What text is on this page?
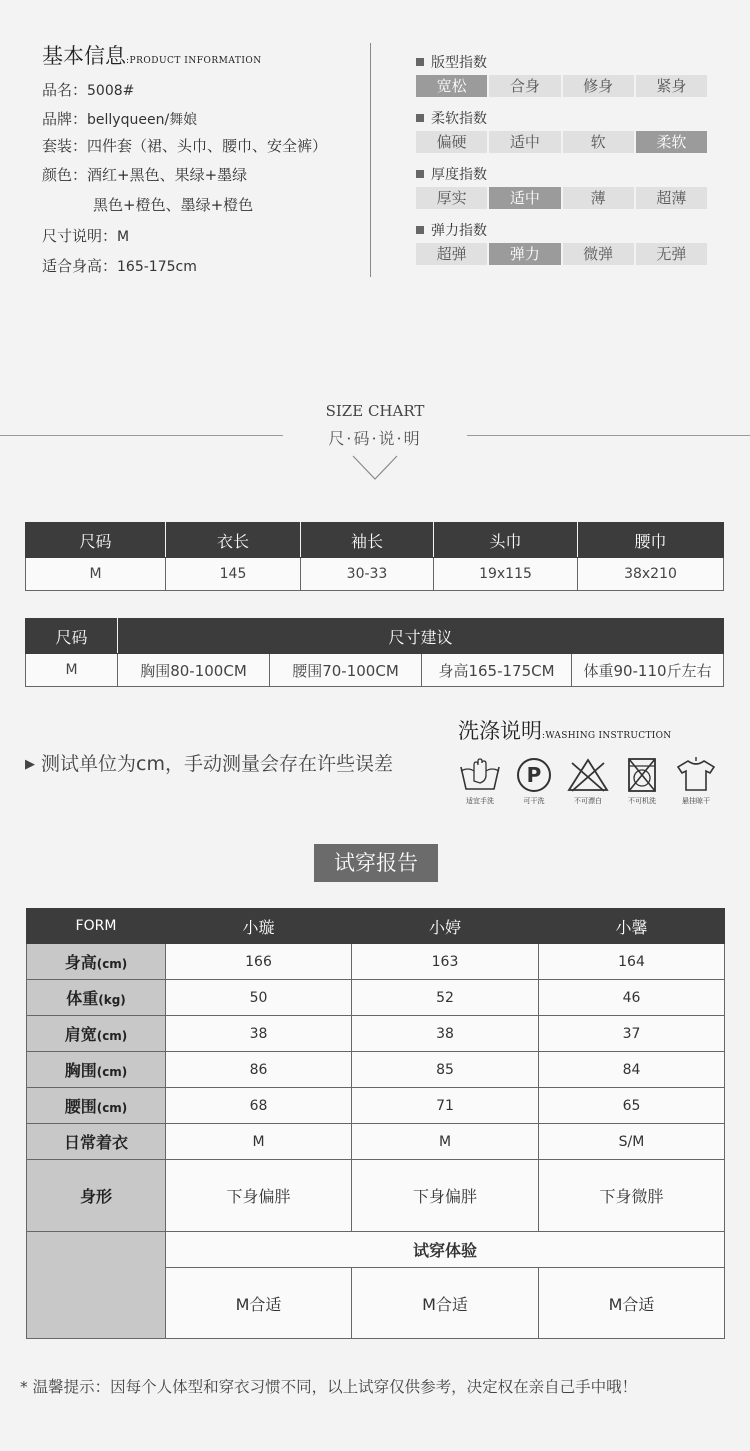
基本信息:PRODUCT INFORMATION
品名：5008#
品牌：bellyqueen/舞娘
套装：四件套（裙、头巾、腰巾、安全裤）
颜色：酒红+黑色、果绿+墨绿
黑色+橙色、墨绿+橙色
尺寸说明：M
适合身高：165-175cm
版型指数
宽松	合身	修身	紧身
柔软指数
偏硬	适中	软	柔软
厚度指数
厚实	适中	薄	超薄
弹力指数
超弹	弹力	微弹	无弹
SIZE CHART
尺·码·说·明
尺码	衣长	袖长	头巾	腰巾
M	145	30-33	19x115	38x210
尺码	尺寸建议			
M	胸围80-100CM	腰围70-100CM	身高165-175CM	体重90-110斤左右
▶ 测试单位为cm，手动测量会存在许些误差
洗涤说明:WASHING INSTRUCTION
适宜手洗
P
可干洗	不可漂白	不可机洗	悬挂晾干
试穿报告
FORM	小璇	小婷	小馨
身高(cm)	166	163	164
体重(kg)	50	52	46
肩宽(cm)	38	38	37
胸围(cm)	86	85	84
腰围(cm)	68	71	65
日常着衣	M	M	S/M
身形	下身偏胖	下身偏胖	下身微胖
	试穿体验		
	M合适	M合适	M合适
* 温馨提示：因每个人体型和穿衣习惯不同，以上试穿仅供参考，决定权在亲自己手中哦！
